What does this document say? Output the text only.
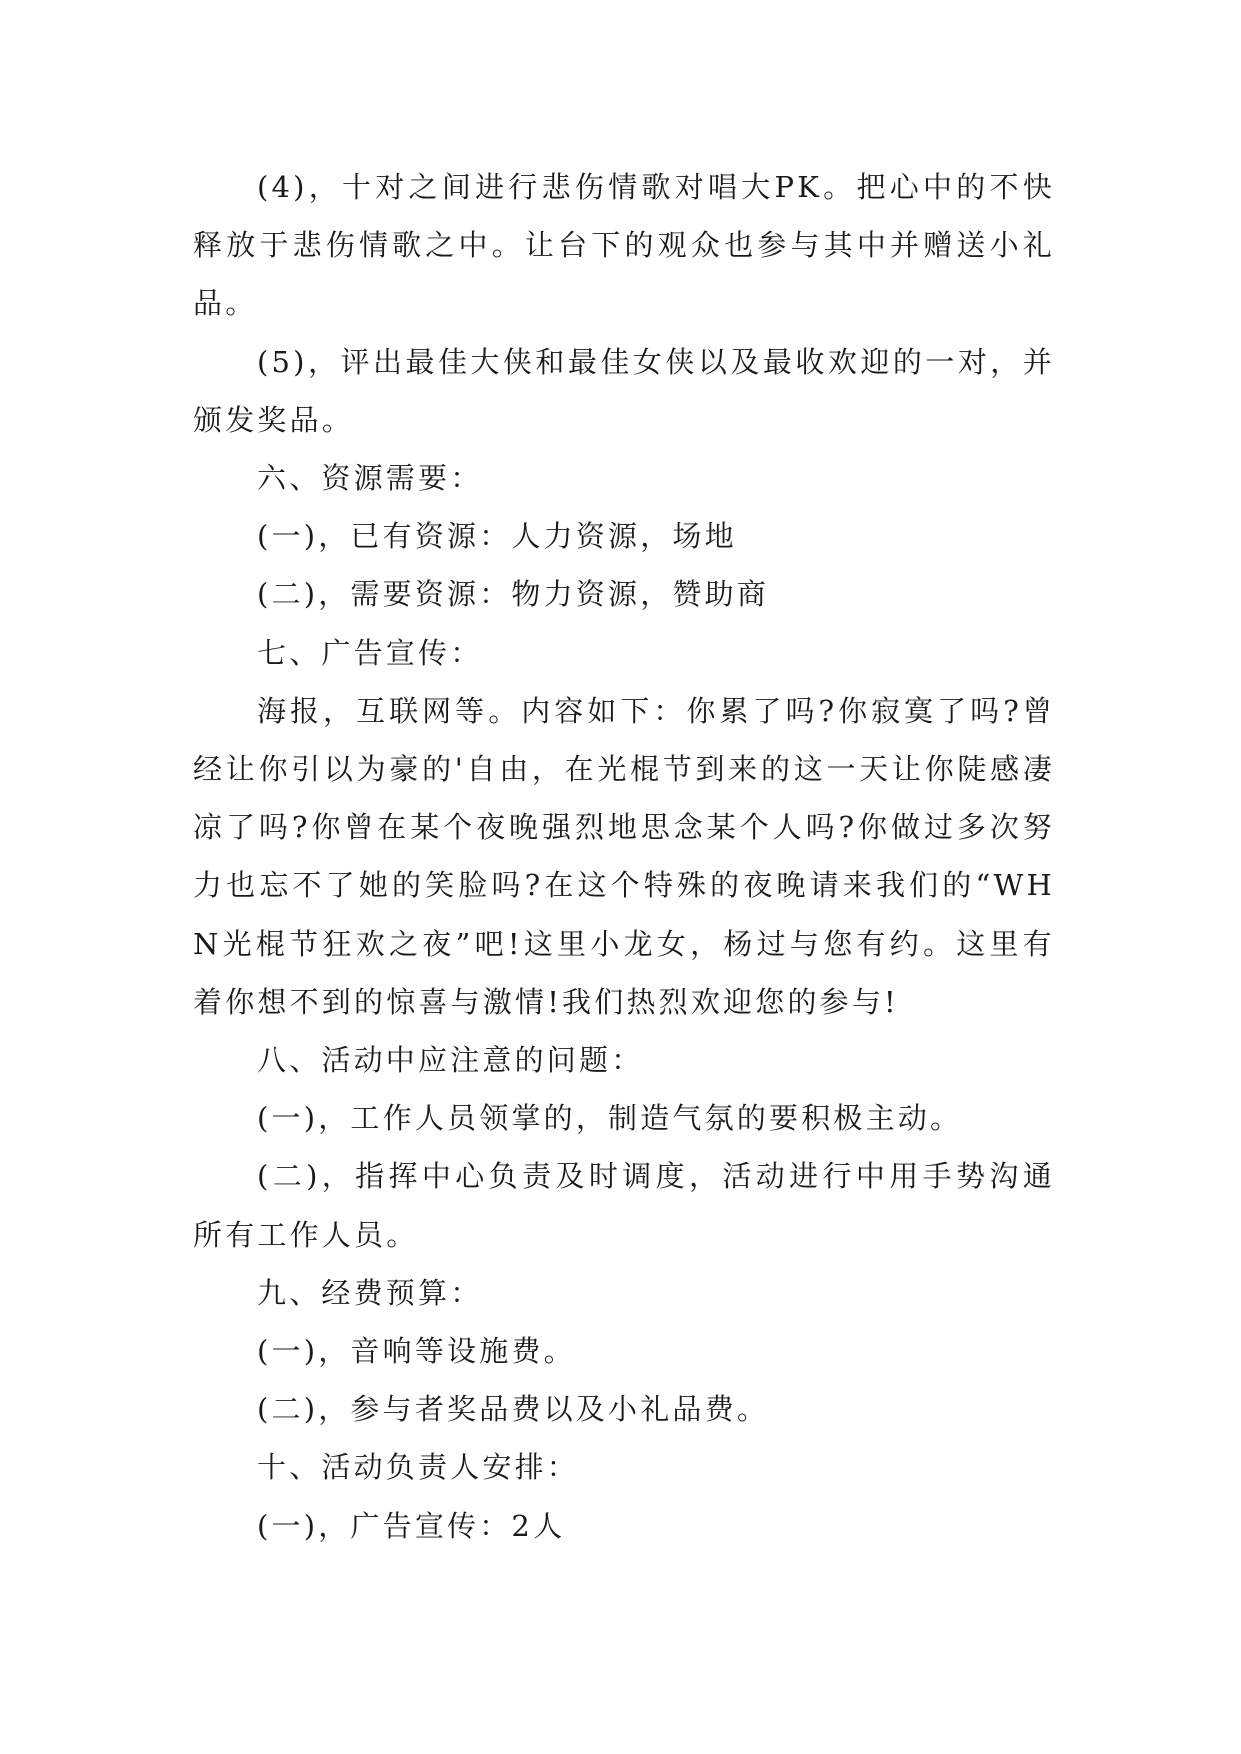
(4)，十对之间进行悲伤情歌对唱大PK。把心中的不快释放于悲伤情歌之中。让台下的观众也参与其中并赠送小礼品。

(5)，评出最佳大侠和最佳女侠以及最收欢迎的一对，并颁发奖品。

六、资源需要：

(一)，已有资源：人力资源，场地

(二)，需要资源：物力资源，赞助商

七、广告宣传：

海报，互联网等。内容如下：你累了吗?你寂寞了吗?曾经让你引以为豪的'自由，在光棍节到来的这一天让你陡感凄凉了吗?你曾在某个夜晚强烈地思念某个人吗?你做过多次努力也忘不了她的笑脸吗?在这个特殊的夜晚请来我们的“WHN光棍节狂欢之夜”吧!这里小龙女，杨过与您有约。这里有着你想不到的惊喜与激情!我们热烈欢迎您的参与!

八、活动中应注意的问题：

(一)，工作人员领掌的，制造气氛的要积极主动。

(二)，指挥中心负责及时调度，活动进行中用手势沟通所有工作人员。

九、经费预算：

(一)，音响等设施费。

(二)，参与者奖品费以及小礼品费。

十、活动负责人安排：

(一)，广告宣传：2人
